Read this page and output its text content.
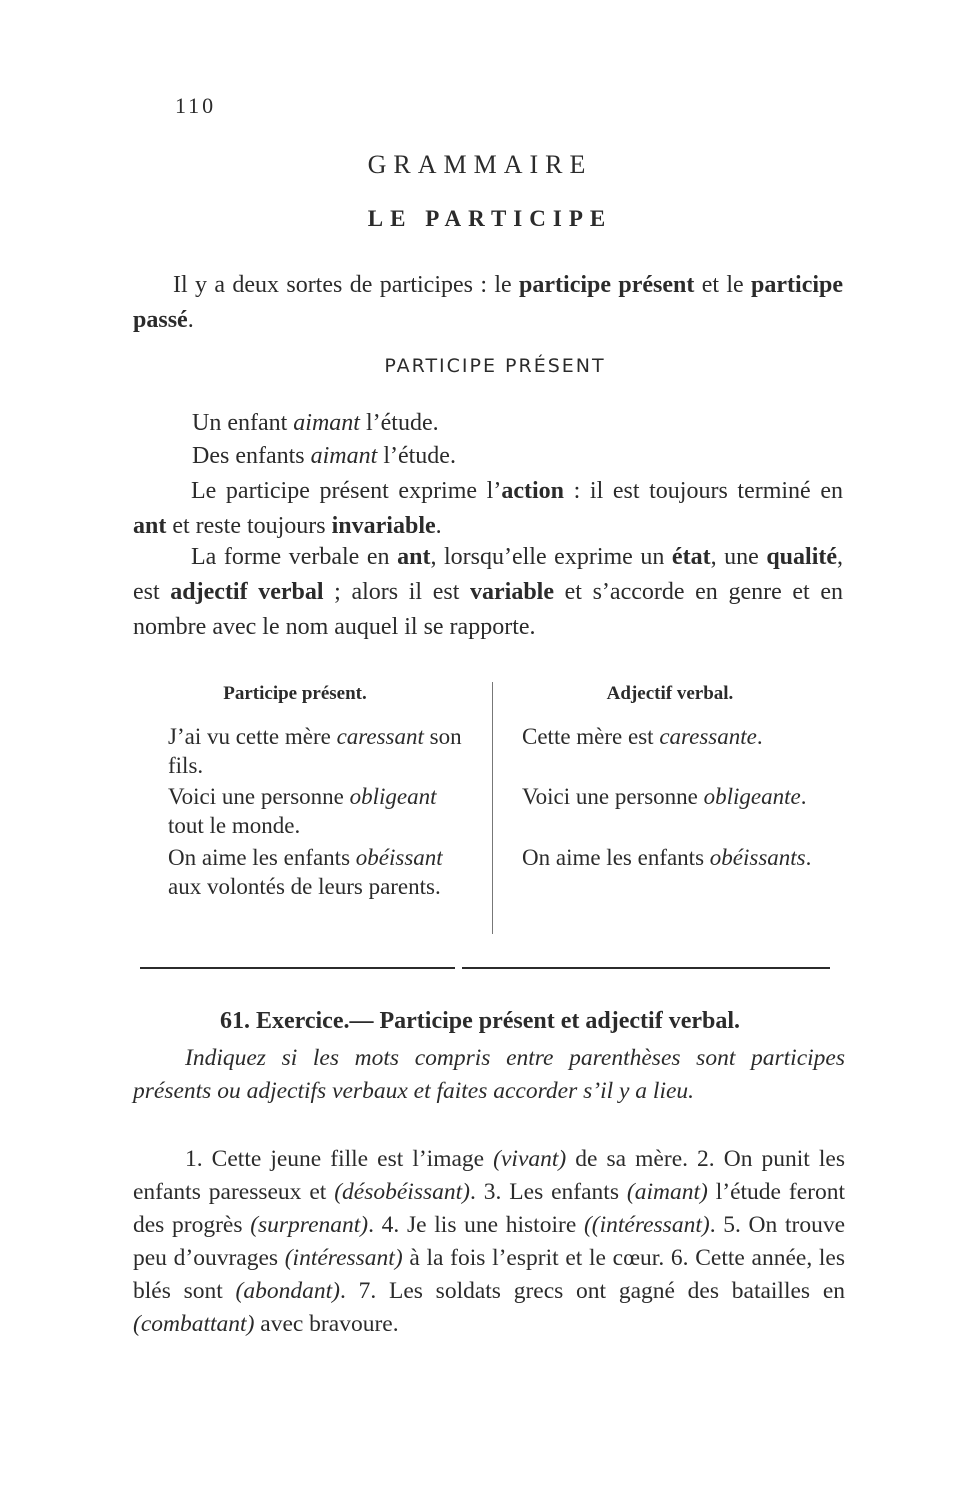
110
GRAMMAIRE
LE PARTICIPE

Il y a deux sortes de participes : le participe présent et le participe passé.

PARTICIPE PRÉSENT
Un enfant aimant l’étude.
Des enfants aimant l’étude.

Le participe présent exprime l’action : il est toujours terminé en ant et reste toujours invariable.

La forme verbale en ant, lorsqu’elle exprime un état, une qualité, est adjectif verbal ; alors il est variable et s’accorde en genre et en nombre avec le nom auquel il se rapporte.

Participe présent.	Adjectif verbal.
J’ai vu cette mère caressant son fils.
Voici une personne obligeant tout le monde.
On aime les enfants obéissant aux volontés de leurs parents.
Cette mère est caressante.
Voici une personne obligeante.
On aime les enfants obéissants.
61. Exercice.— Participe présent et adjectif verbal.

Indiquez si les mots compris entre parenthèses sont participes présents ou adjectifs verbaux et faites accorder s’il y a lieu.

1. Cette jeune fille est l’image (vivant) de sa mère. 2. On punit les enfants paresseux et (désobéissant). 3. Les enfants (aimant) l’étude feront des progrès (surprenant). 4. Je lis une histoire ((intéressant). 5. On trouve peu d’ouvrages (intéressant) à la fois l’esprit et le cœur. 6. Cette année, les blés sont (abondant). 7. Les soldats grecs ont gagné des batailles en (combattant) avec bravoure.
